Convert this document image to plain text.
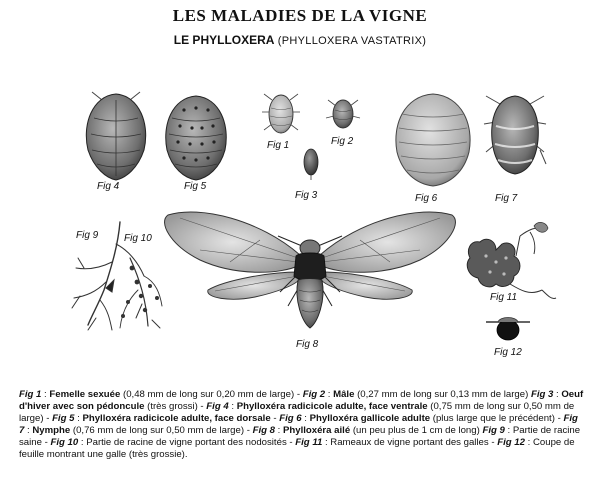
LES MALADIES DE LA VIGNE
LE PHYLLOXERA (PHYLLOXERA VASTATRIX)
Fig 4	Fig 5
Fig 1	Fig 2
Fig 3	Fig 6	Fig 7
Fig 9	Fig 10
Fig 8
Fig 11
Fig 12
Fig 1 : Femelle sexuée (0,48 mm de long sur 0,20 mm de large) - Fig 2 : Mâle (0,27 mm de long sur 0,13 mm de large) Fig 3 : Oeuf d'hiver avec son pédoncule (très grossi) - Fig 4 : Phylloxéra radicicole adulte, face ventrale (0,75 mm de long sur 0,50 mm de large) - Fig 5 : Phylloxéra radicicole adulte, face dorsale - Fig 6 : Phylloxéra gallicole adulte (plus large que le précédent) - Fig 7 : Nymphe (0,76 mm de long sur 0,50 mm de large) - Fig 8 : Phylloxéra ailé (un peu plus de 1 cm de long) Fig 9 : Partie de racine saine - Fig 10 : Partie de racine de vigne portant des nodosités - Fig 11 : Rameaux de vigne portant des galles - Fig 12 : Coupe de feuille montrant une galle (très grossie).
